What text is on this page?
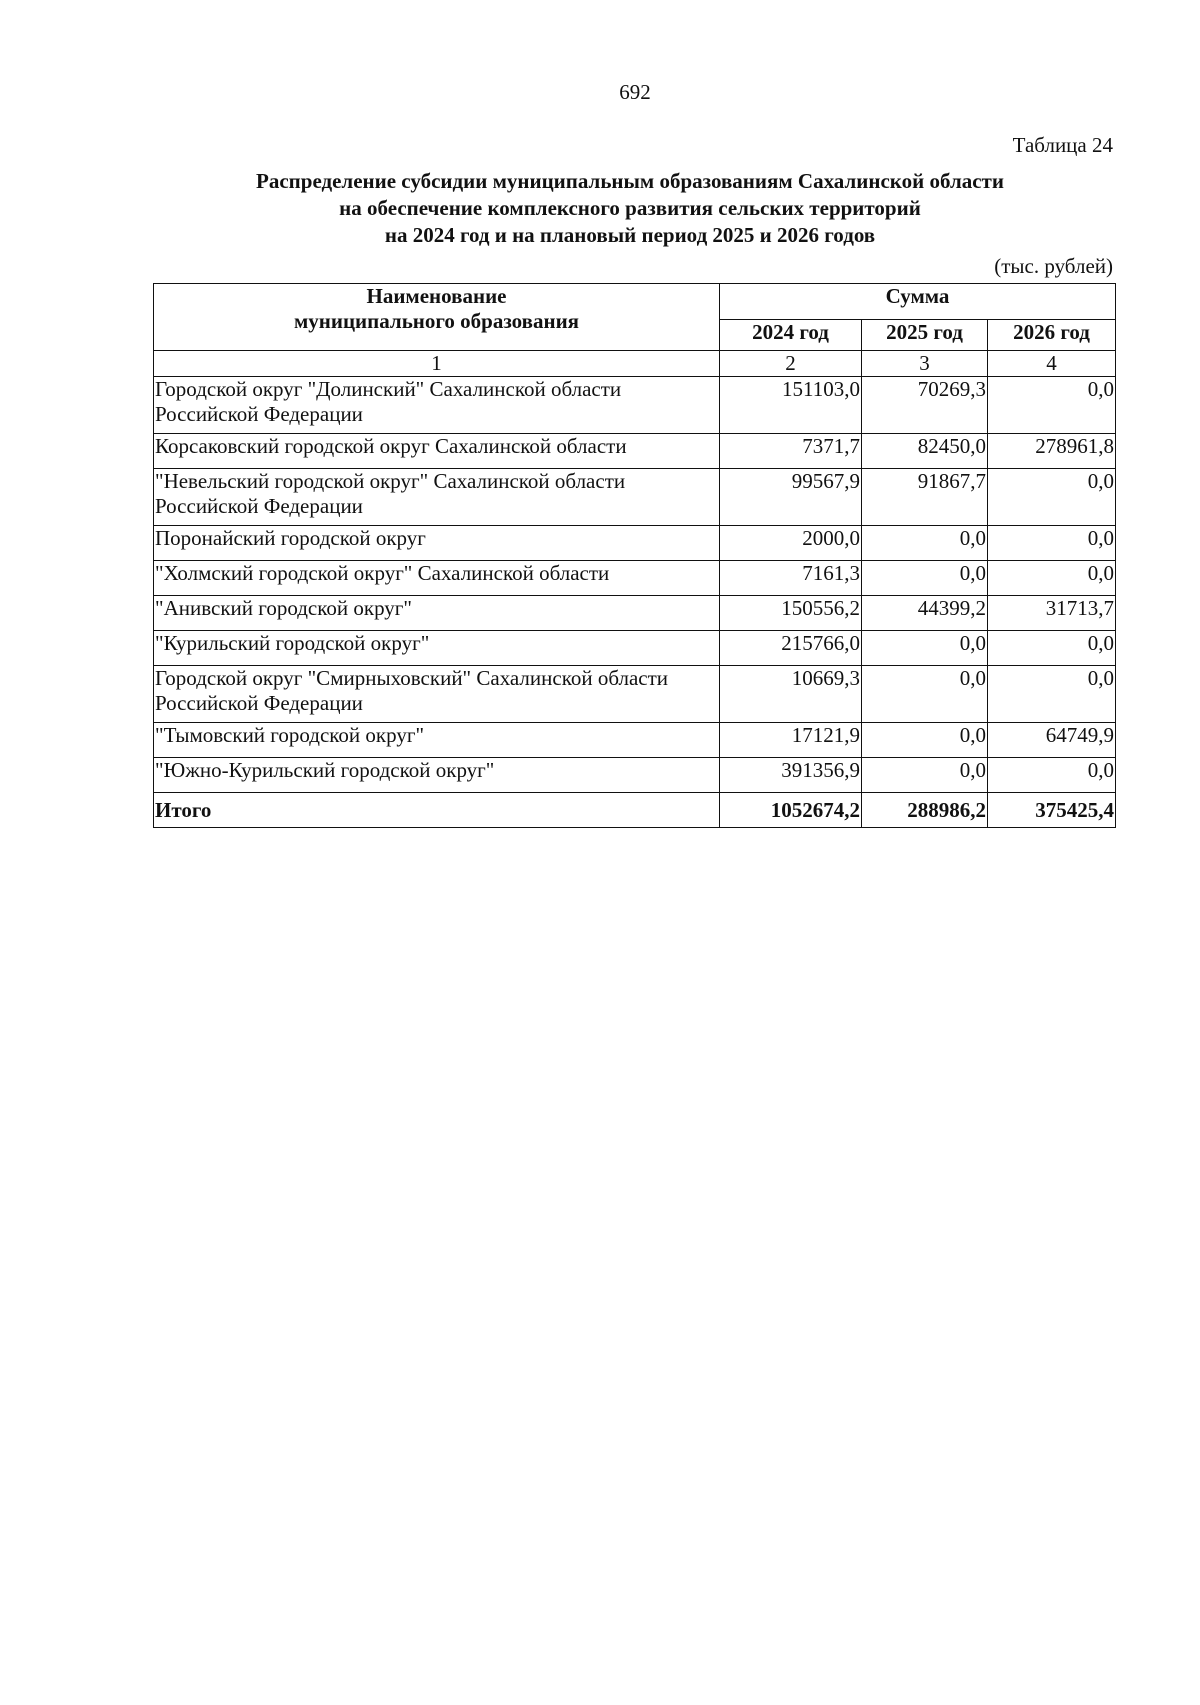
692
Таблица 24
Распределение субсидии муниципальным образованиям Сахалинской области
на обеспечение комплексного развития сельских территорий
на 2024 год и на плановый период 2025 и 2026 годов
(тыс. рублей)
Наименование
муниципального образования	Сумма		
	2024 год	2025 год	2026 год
1	2	3	4
Городской округ "Долинский" Сахалинской области Российской Федерации	151103,0	70269,3	0,0
Корсаковский городской округ Сахалинской области	7371,7	82450,0	278961,8
"Невельский городской округ" Сахалинской области Российской Федерации	99567,9	91867,7	0,0
Поронайский городской округ	2000,0	0,0	0,0
"Холмский городской округ" Сахалинской области	7161,3	0,0	0,0
"Анивский городской округ"	150556,2	44399,2	31713,7
"Курильский городской округ"	215766,0	0,0	0,0
Городской округ "Смирныховский" Сахалинской области Российской Федерации	10669,3	0,0	0,0
"Тымовский городской округ"	17121,9	0,0	64749,9
"Южно-Курильский городской округ"	391356,9	0,0	0,0
Итого	1052674,2	288986,2	375425,4
